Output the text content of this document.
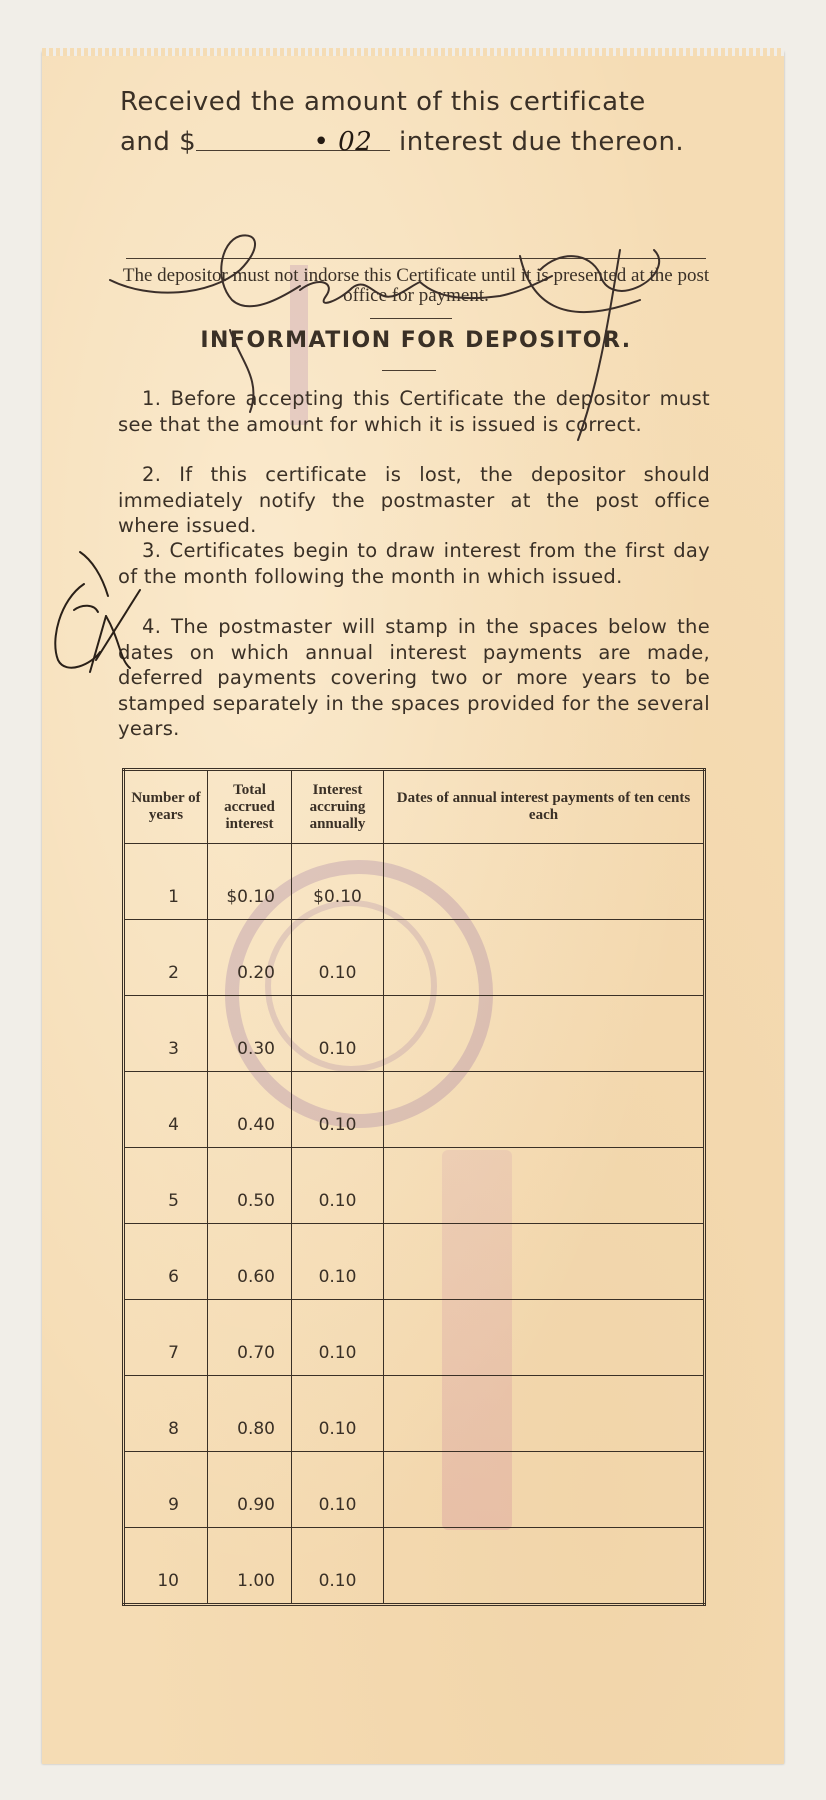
Received the amount of this certificate
and $	• 02 interest due thereon.
The depositor must not indorse this Certificate until it is presented at the post office for payment.
INFORMATION FOR DEPOSITOR.
1. Before accepting this Certificate the depositor must see that the amount for which it is issued is correct.
2. If this certificate is lost, the depositor should immediately notify the postmaster at the post office where issued.
3. Certificates begin to draw interest from the first day of the month following the month in which issued.
4. The postmaster will stamp in the spaces below the dates on which annual interest payments are made, deferred payments covering two or more years to be stamped separately in the spaces provided for the several years.
Number of years	Total accrued interest	Interest accruing annually	Dates of annual interest payments of ten cents each
1	$0.10	$0.10	
2	0.20	0.10	
3	0.30	0.10	
4	0.40	0.10	
5	0.50	0.10	
6	0.60	0.10	
7	0.70	0.10	
8	0.80	0.10	
9	0.90	0.10	
10	1.00	0.10	
